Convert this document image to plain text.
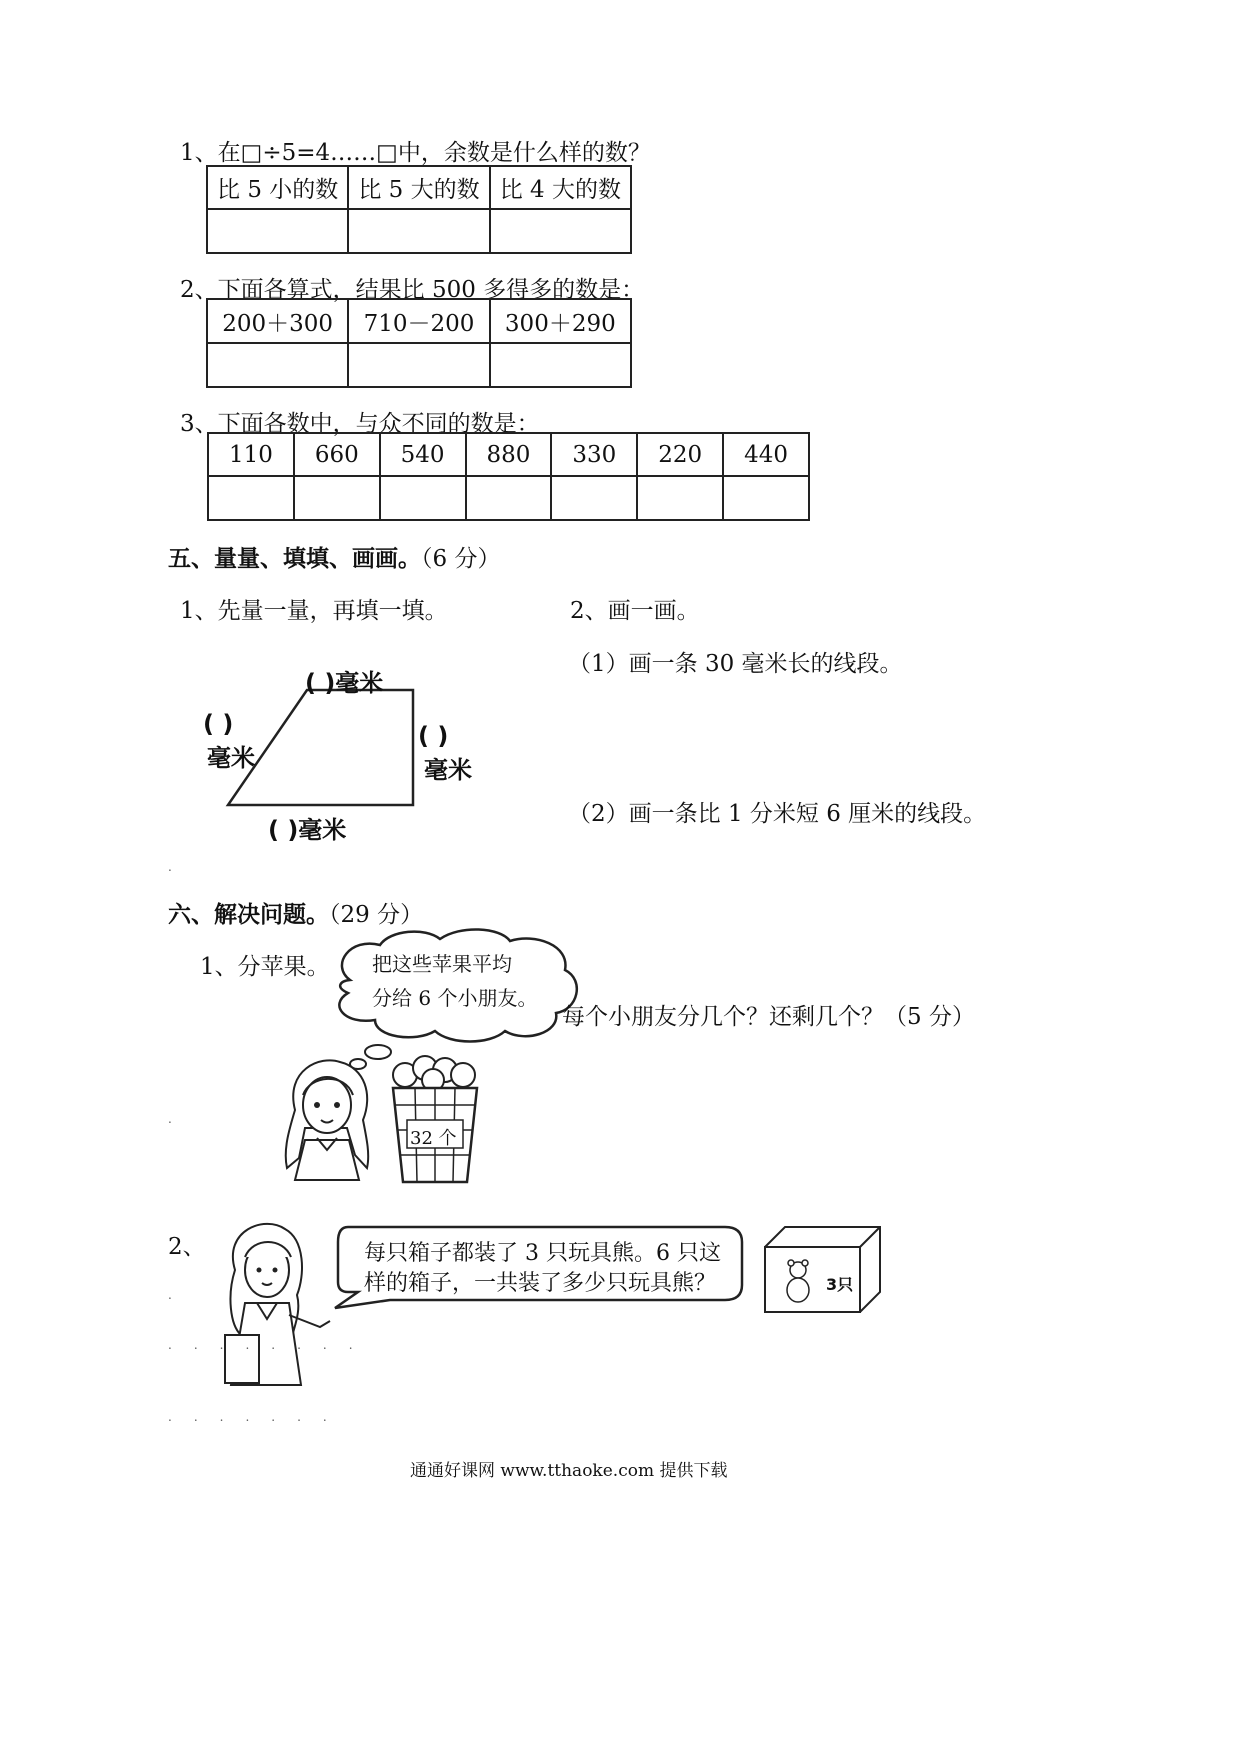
1、在□÷5=4……□中，余数是什么样的数？
比 5 小的数	比 5 大的数	比 4 大的数

2、下面各算式，结果比 500 多得多的数是：
200＋300	710－200	300＋290

3、下面各数中，与众不同的数是：
110	660	540	880	330	220	440

五、量量、填填、画画。（6 分）
1、先量一量，再填一填。	2、画一画。
（1）画一条 30 毫米长的线段。
（2）画一条比 1 分米短 6 厘米的线段。
( )毫米
( )
毫米
( )
毫米
( )毫米
六、解决问题。（29 分）
1、分苹果。 把这些苹果平均
分给 6 个小朋友。
每个小朋友分几个？还剩几个？（5 分）
32 个
.
.
.
2、	每只箱子都装了 3 只玩具熊。6 只这
样的箱子，一共装了多少只玩具熊？	3只
........
.......
通通好课网 www.tthaoke.com 提供下载
